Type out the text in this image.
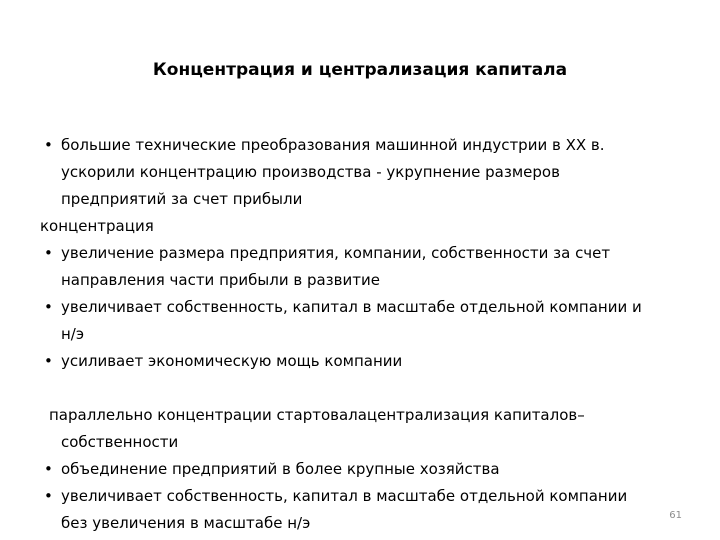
Концентрация и централизация капитала
• большие технические преобразования машинной индустрии в XX в.
ускорили концентрацию производства - укрупнение размеров
предприятий за счет прибыли
концентрация
• увеличение размера предприятия, компании, собственности за счет
направления части прибыли в развитие
• увеличивает собственность, капитал в масштабе отдельной компании и
н/э
• усиливает экономическую мощь компании
параллельно концентрации стартовалацентрализация капиталов–
собственности
• объединение предприятий в более крупные хозяйства
• увеличивает собственность, капитал в масштабе отдельной компании
без увеличения в масштабе н/э	61
